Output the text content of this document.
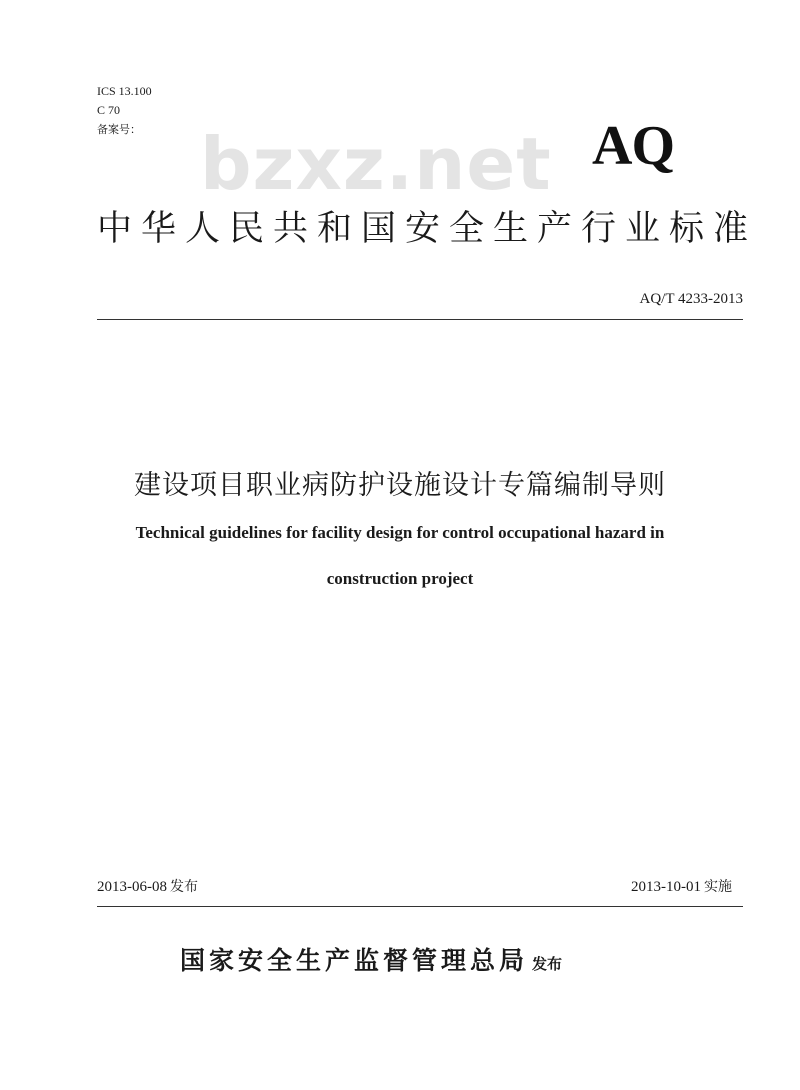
ICS 13.100
C 70
备案号： bzxz.net AQ
中华人民共和国安全生产行业标准
AQ/T 4233-2013
建设项目职业病防护设施设计专篇编制导则
Technical guidelines for facility design for control occupational hazard in
construction project
2013-06-08 发布	2013-10-01 实施
国家安全生产监督管理总局 发布
